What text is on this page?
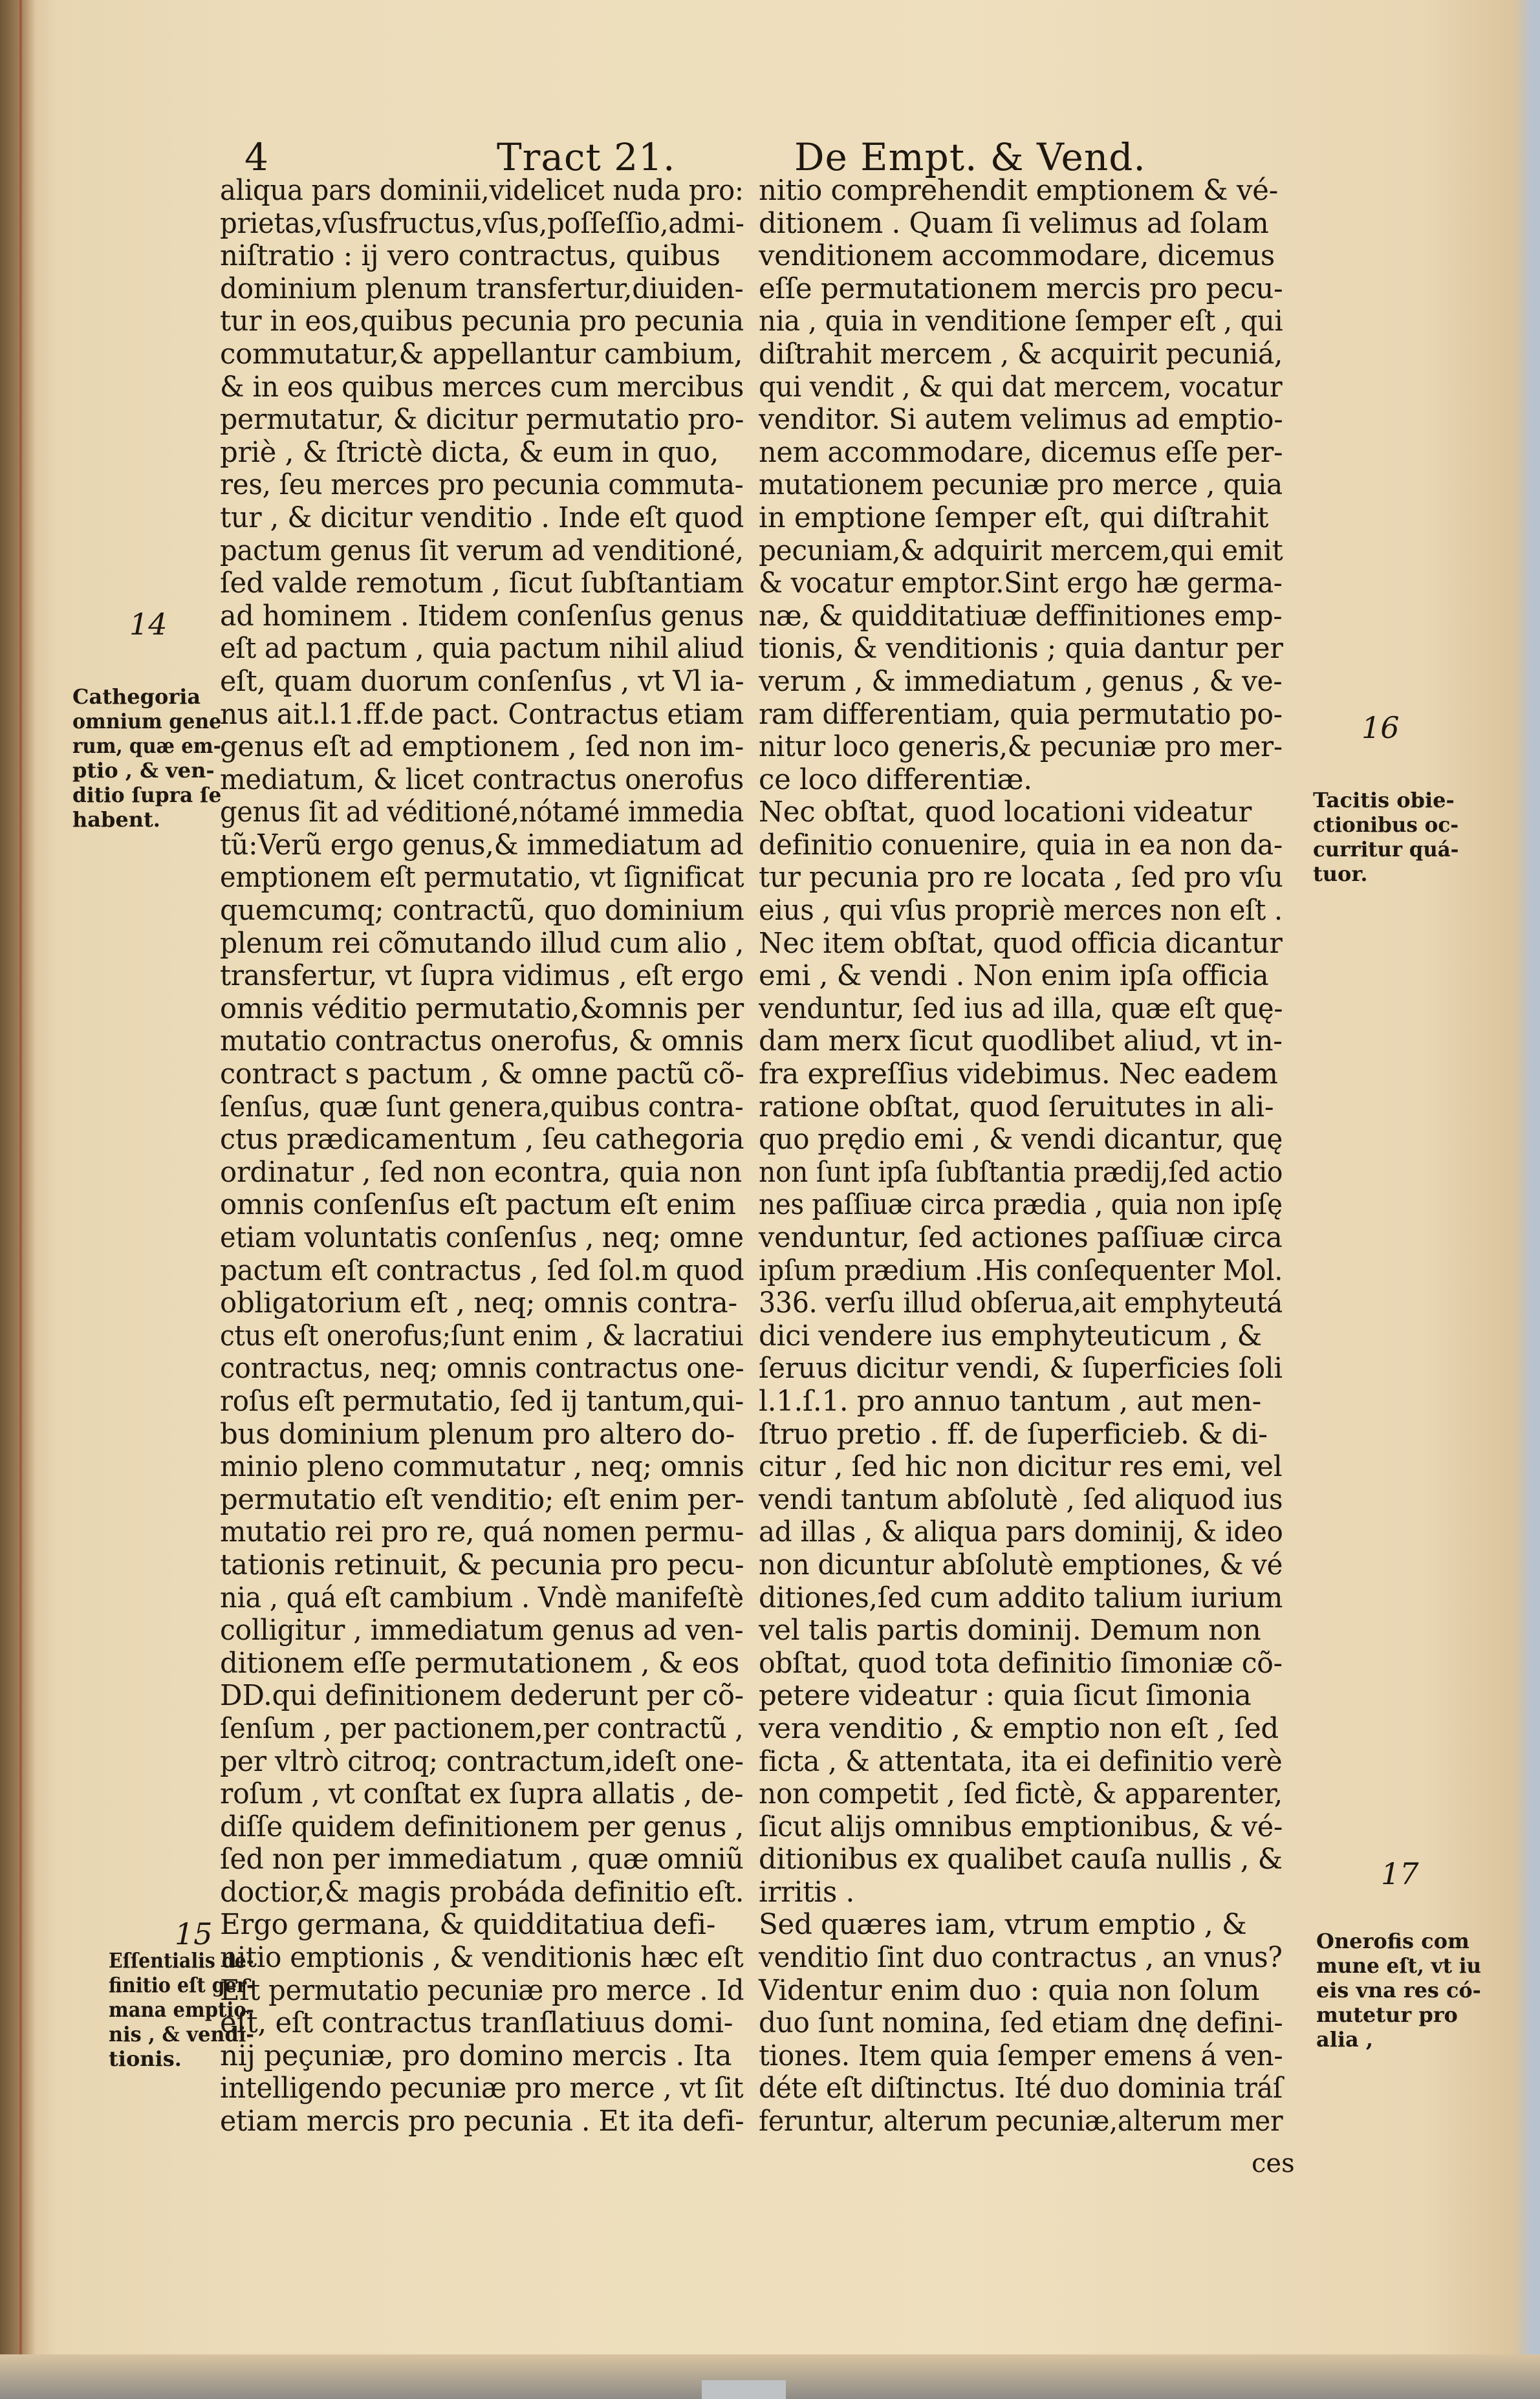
4	Tract 21.	De Empt. & Vend.
aliqua pars dominii,videlicet nuda pro:
prietas,vſusfructus,vſus,poſſeſſio,admi-
niſtratio : ij vero contractus, quibus
dominium plenum transfertur,diuiden-
tur in eos,quibus pecunia pro pecunia
commutatur,& appellantur cambium,
& in eos quibus merces cum mercibus
permutatur, & dicitur permutatio pro-
priè , & ſtrictè dicta, & eum in quo,
res, ſeu merces pro pecunia commuta-
tur , & dicitur venditio . Inde eſt quod
pactum genus ſit verum ad venditioné,
ſed valde remotum , ſicut ſubſtantiam
ad hominem . Itidem conſenſus genus
eſt ad pactum , quia pactum nihil aliud
eſt, quam duorum conſenſus , vt Vl ia-
nus ait.l.1.ff.de pact. Contractus etiam
genus eſt ad emptionem , ſed non im-
mediatum, & licet contractus onerofus
genus ſit ad véditioné,nótamé immedia
tũ:Verũ ergo genus,& immediatum ad
emptionem eſt permutatio, vt ſignificat
quemcumq; contractũ, quo dominium
plenum rei cõmutando illud cum alio ,
transfertur, vt ſupra vidimus , eſt ergo
omnis véditio permutatio,&omnis per
mutatio contractus onerofus, & omnis
contract s pactum , & omne pactũ cõ-
ſenſus, quæ ſunt genera,quibus contra-
ctus prædicamentum , ſeu cathegoria
ordinatur , ſed non econtra, quia non
omnis conſenſus eſt pactum eſt enim
etiam voluntatis conſenſus , neq; omne
pactum eſt contractus , ſed ſol.m quod
obligatorium eſt , neq; omnis contra-
ctus eſt onerofus;ſunt enim , & lacratiui
contractus, neq; omnis contractus one-
roſus eſt permutatio, ſed ij tantum,qui-
bus dominium plenum pro altero do-
minio pleno commutatur , neq; omnis
permutatio eſt venditio; eſt enim per-
mutatio rei pro re, quá nomen permu-
tationis retinuit, & pecunia pro pecu-
nia , quá eſt cambium . Vndè manifeſtè
colligitur , immediatum genus ad ven-
ditionem eſſe permutationem , & eos
DD.qui definitionem dederunt per cõ-
ſenſum , per pactionem,per contractũ ,
per vltrò citroq; contractum,ideſt one-
roſum , vt conſtat ex ſupra allatis , de-
diſſe quidem definitionem per genus ,
ſed non per immediatum , quæ omniũ
doctior,& magis probáda definitio eſt.
Ergo germana, & quidditatiua defi-
nitio emptionis , & venditionis hæc eſt
Eſt permutatio pecuniæ pro merce . Id
eſt, eſt contractus tranſlatiuus domi-
nij peçuniæ, pro domino mercis . Ita
intelligendo pecuniæ pro merce , vt ſit
etiam mercis pro pecunia . Et ita defi-
nitio comprehendit emptionem & vé-
ditionem . Quam ſi velimus ad ſolam
venditionem accommodare, dicemus
eſſe permutationem mercis pro pecu-
nia , quia in venditione ſemper eſt , qui
diſtrahit mercem , & acquirit pecuniá,
qui vendit , & qui dat mercem, vocatur
venditor. Si autem velimus ad emptio-
nem accommodare, dicemus eſſe per-
mutationem pecuniæ pro merce , quia
in emptione ſemper eſt, qui diſtrahit
pecuniam,& adquirit mercem,qui emit
& vocatur emptor.Sint ergo hæ germa-
næ, & quidditatiuæ deffinitiones emp-
tionis, & venditionis ; quia dantur per
verum , & immediatum , genus , & ve-
ram differentiam, quia permutatio po-
nitur loco generis,& pecuniæ pro mer-
ce loco differentiæ.
Nec obſtat, quod locationi videatur
definitio conuenire, quia in ea non da-
tur pecunia pro re locata , ſed pro vſu
eius , qui vſus propriè merces non eſt .
Nec item obſtat, quod officia dicantur
emi , & vendi . Non enim ipſa officia
venduntur, ſed ius ad illa, quæ eſt quę-
dam merx ſicut quodlibet aliud, vt in-
fra expreſſius videbimus. Nec eadem
ratione obſtat, quod ſeruitutes in ali-
quo prędio emi , & vendi dicantur, quę
non ſunt ipſa ſubſtantia prædij,ſed actio
nes paſſiuæ circa prædia , quia non ipſę
venduntur, ſed actiones paſſiuæ circa
ipſum prædium .His conſequenter Mol.
336. verſu illud obſerua,ait emphyteutá
dici vendere ius emphyteuticum , &
ſeruus dicitur vendi, & ſuperficies ſoli
l.1.ſ.1. pro annuo tantum , aut men-
ſtruo pretio . ff. de ſuperficieb. & di-
citur , ſed hic non dicitur res emi, vel
vendi tantum abſolutè , ſed aliquod ius
ad illas , & aliqua pars dominij, & ideo
non dicuntur abſolutè emptiones, & vé
ditiones,ſed cum addito talium iurium
vel talis partis dominij. Demum non
obſtat, quod tota definitio ſimoniæ cõ-
petere videatur : quia ſicut ſimonia
vera venditio , & emptio non eſt , ſed
ficta , & attentata, ita ei definitio verè
non competit , ſed fictè, & apparenter,
ſicut alijs omnibus emptionibus, & vé-
ditionibus ex qualibet cauſa nullis , &
irritis .
Sed quæres iam, vtrum emptio , &
venditio ſint duo contractus , an vnus?
Videntur enim duo : quia non ſolum
duo ſunt nomina, ſed etiam dnę defini-
tiones. Item quia ſemper emens á ven-
déte eſt diſtinctus. Ité duo dominia tráſ
feruntur, alterum pecuniæ,alterum mer
ces
14
Cathegoria
omnium gene
rum, quæ em-
ptio , & ven-
ditio ſupra ſe
habent.
15
Eſſentialis de-
finitio eſt ger-
mana emptio-
nis , & vendi-
tionis.
16
Tacitis obie-
ctionibus oc-
curritur quá-
tuor.
17
Onerofis com
mune eſt, vt iu
eis vna res có-
mutetur pro
alia ,
